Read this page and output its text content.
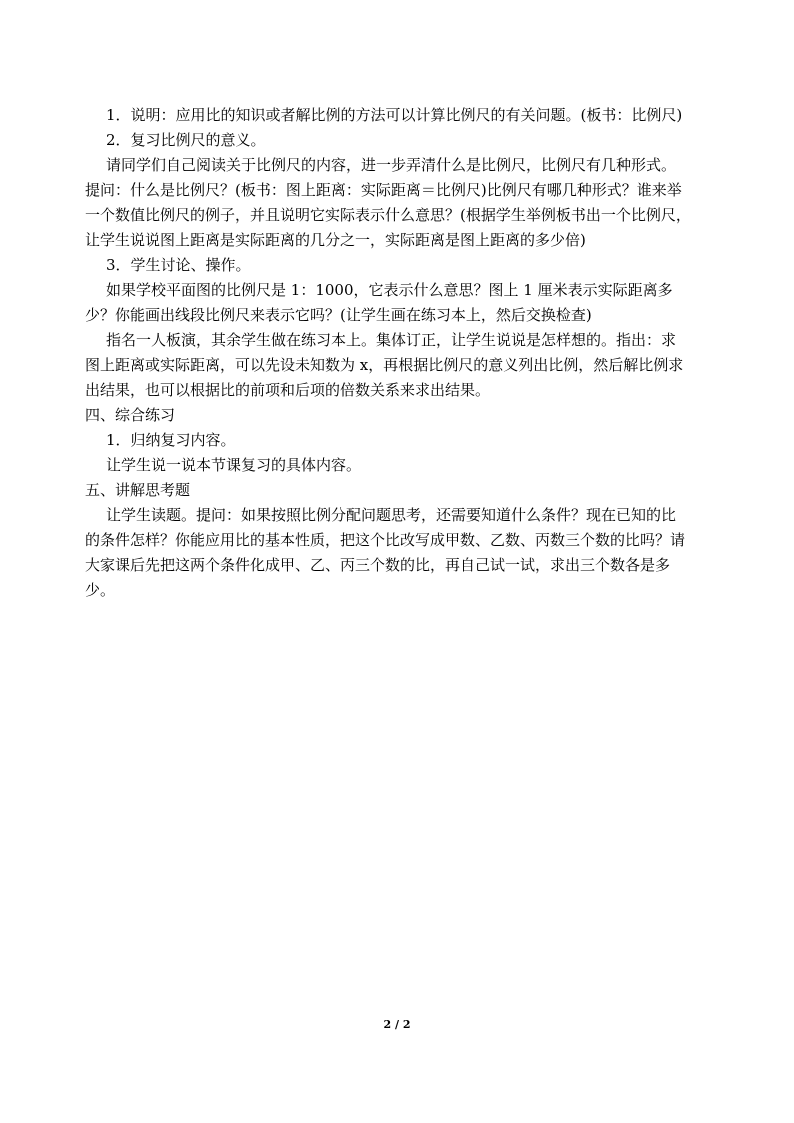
1．说明：应用比的知识或者解比例的方法可以计算比例尺的有关问题。(板书：比例尺)
2．复习比例尺的意义。
请同学们自己阅读关于比例尺的内容，进一步弄清什么是比例尺，比例尺有几种形式。
提问：什么是比例尺？(板书：图上距离：实际距离＝比例尺)比例尺有哪几种形式？谁来举
一个数值比例尺的例子，并且说明它实际表示什么意思？(根据学生举例板书出一个比例尺，
让学生说说图上距离是实际距离的几分之一，实际距离是图上距离的多少倍)
3．学生讨论、操作。
如果学校平面图的比例尺是 1：1000，它表示什么意思？图上 1 厘米表示实际距离多
少？你能画出线段比例尺来表示它吗？(让学生画在练习本上，然后交换检查)
指名一人板演，其余学生做在练习本上。集体订正，让学生说说是怎样想的。指出：求
图上距离或实际距离，可以先设未知数为 x，再根据比例尺的意义列出比例，然后解比例求
出结果，也可以根据比的前项和后项的倍数关系来求出结果。
四、综合练习
1．归纳复习内容。
让学生说一说本节课复习的具体内容。
五、讲解思考题
让学生读题。提问：如果按照比例分配问题思考，还需要知道什么条件？现在已知的比
的条件怎样？你能应用比的基本性质，把这个比改写成甲数、乙数、丙数三个数的比吗？请
大家课后先把这两个条件化成甲、乙、丙三个数的比，再自己试一试，求出三个数各是多
少。
2 / 2
